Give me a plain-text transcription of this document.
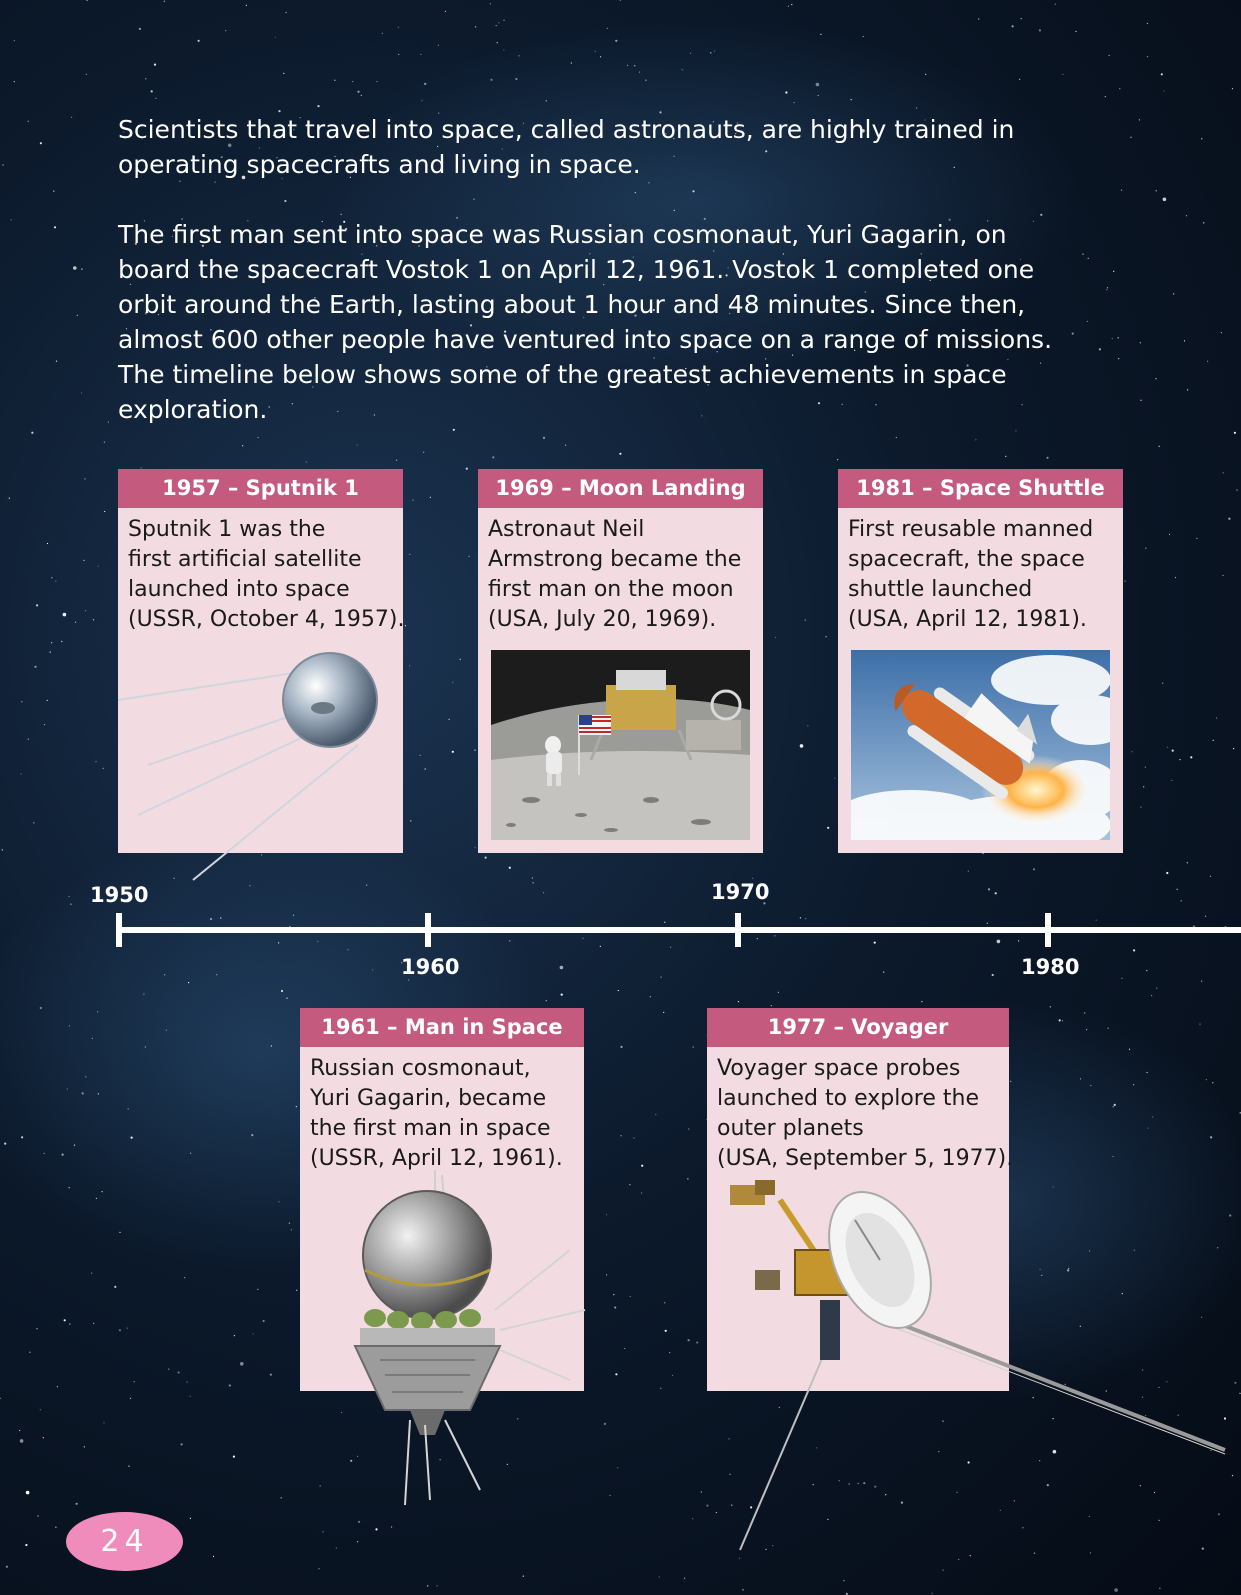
Scientists that travel into space, called astronauts, are highly trained in operating spacecrafts and living in space.

The first man sent into space was Russian cosmonaut, Yuri Gagarin, on board the spacecraft Vostok 1 on April 12, 1961. Vostok 1 completed one orbit around the Earth, lasting about 1 hour and 48 minutes. Since then, almost 600 other people have ventured into space on a range of missions. The timeline below shows some of the greatest achievements in space exploration.

1957 – Sputnik 1
Sputnik 1 was the
first artificial satellite
launched into space
(USSR, October 4, 1957).
1969 – Moon Landing
Astronaut Neil
Armstrong became the
first man on the moon
(USA, July 20, 1969).
1981 – Space Shuttle
First reusable manned
spacecraft, the space
shuttle launched
(USA, April 12, 1981).
1950
1960
1970
1980
1961 – Man in Space
Russian cosmonaut,
Yuri Gagarin, became
the first man in space
(USSR, April 12, 1961).
1977 – Voyager
Voyager space probes
launched to explore the
outer planets
(USA, September 5, 1977).
24
